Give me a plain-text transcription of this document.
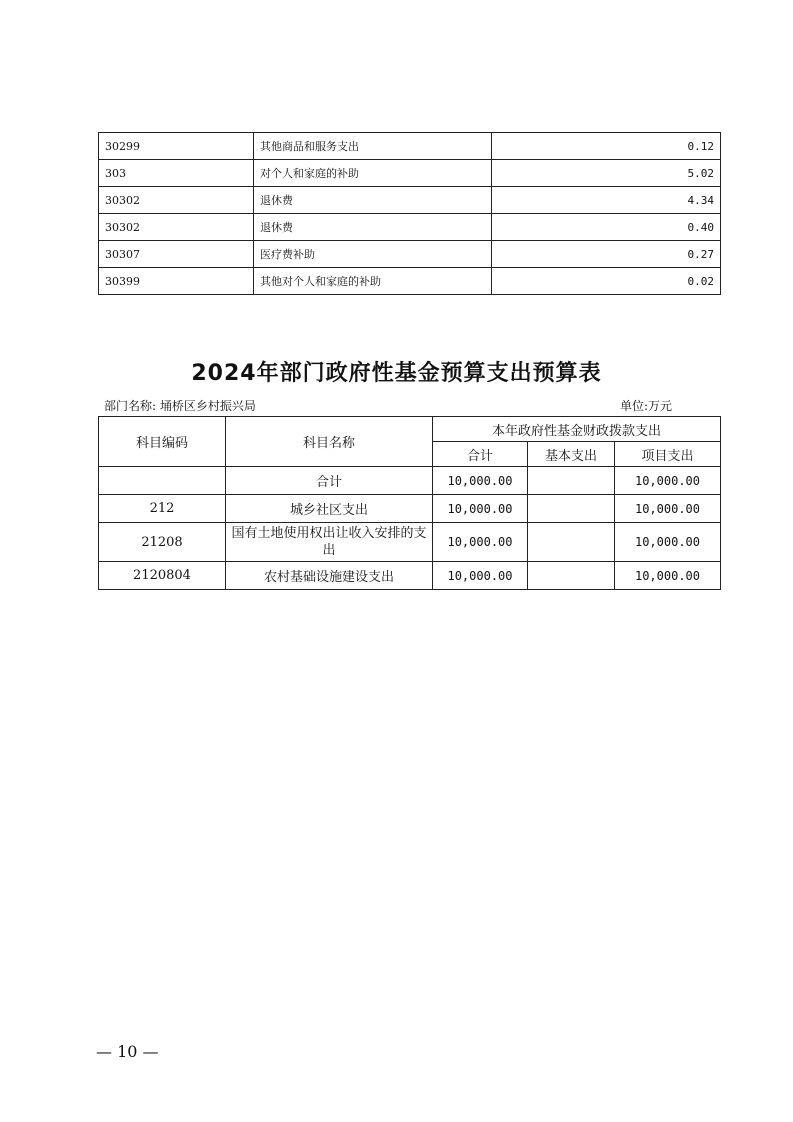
30299	其他商品和服务支出	0.12
303	对个人和家庭的补助	5.02
30302	退休费	4.34
30302	退休费	0.40
30307	医疗费补助	0.27
30399	其他对个人和家庭的补助	0.02
2024年部门政府性基金预算支出预算表
部门名称: 埇桥区乡村振兴局	单位:万元
科目编码	科目名称	本年政府性基金财政拨款支出		
		合计	基本支出	项目支出
	合计	10,000.00		10,000.00
212	城乡社区支出	10,000.00		10,000.00
21208	国有土地使用权出让收入安排的支出	10,000.00		10,000.00
2120804	农村基础设施建设支出	10,000.00		10,000.00
— 10 —
